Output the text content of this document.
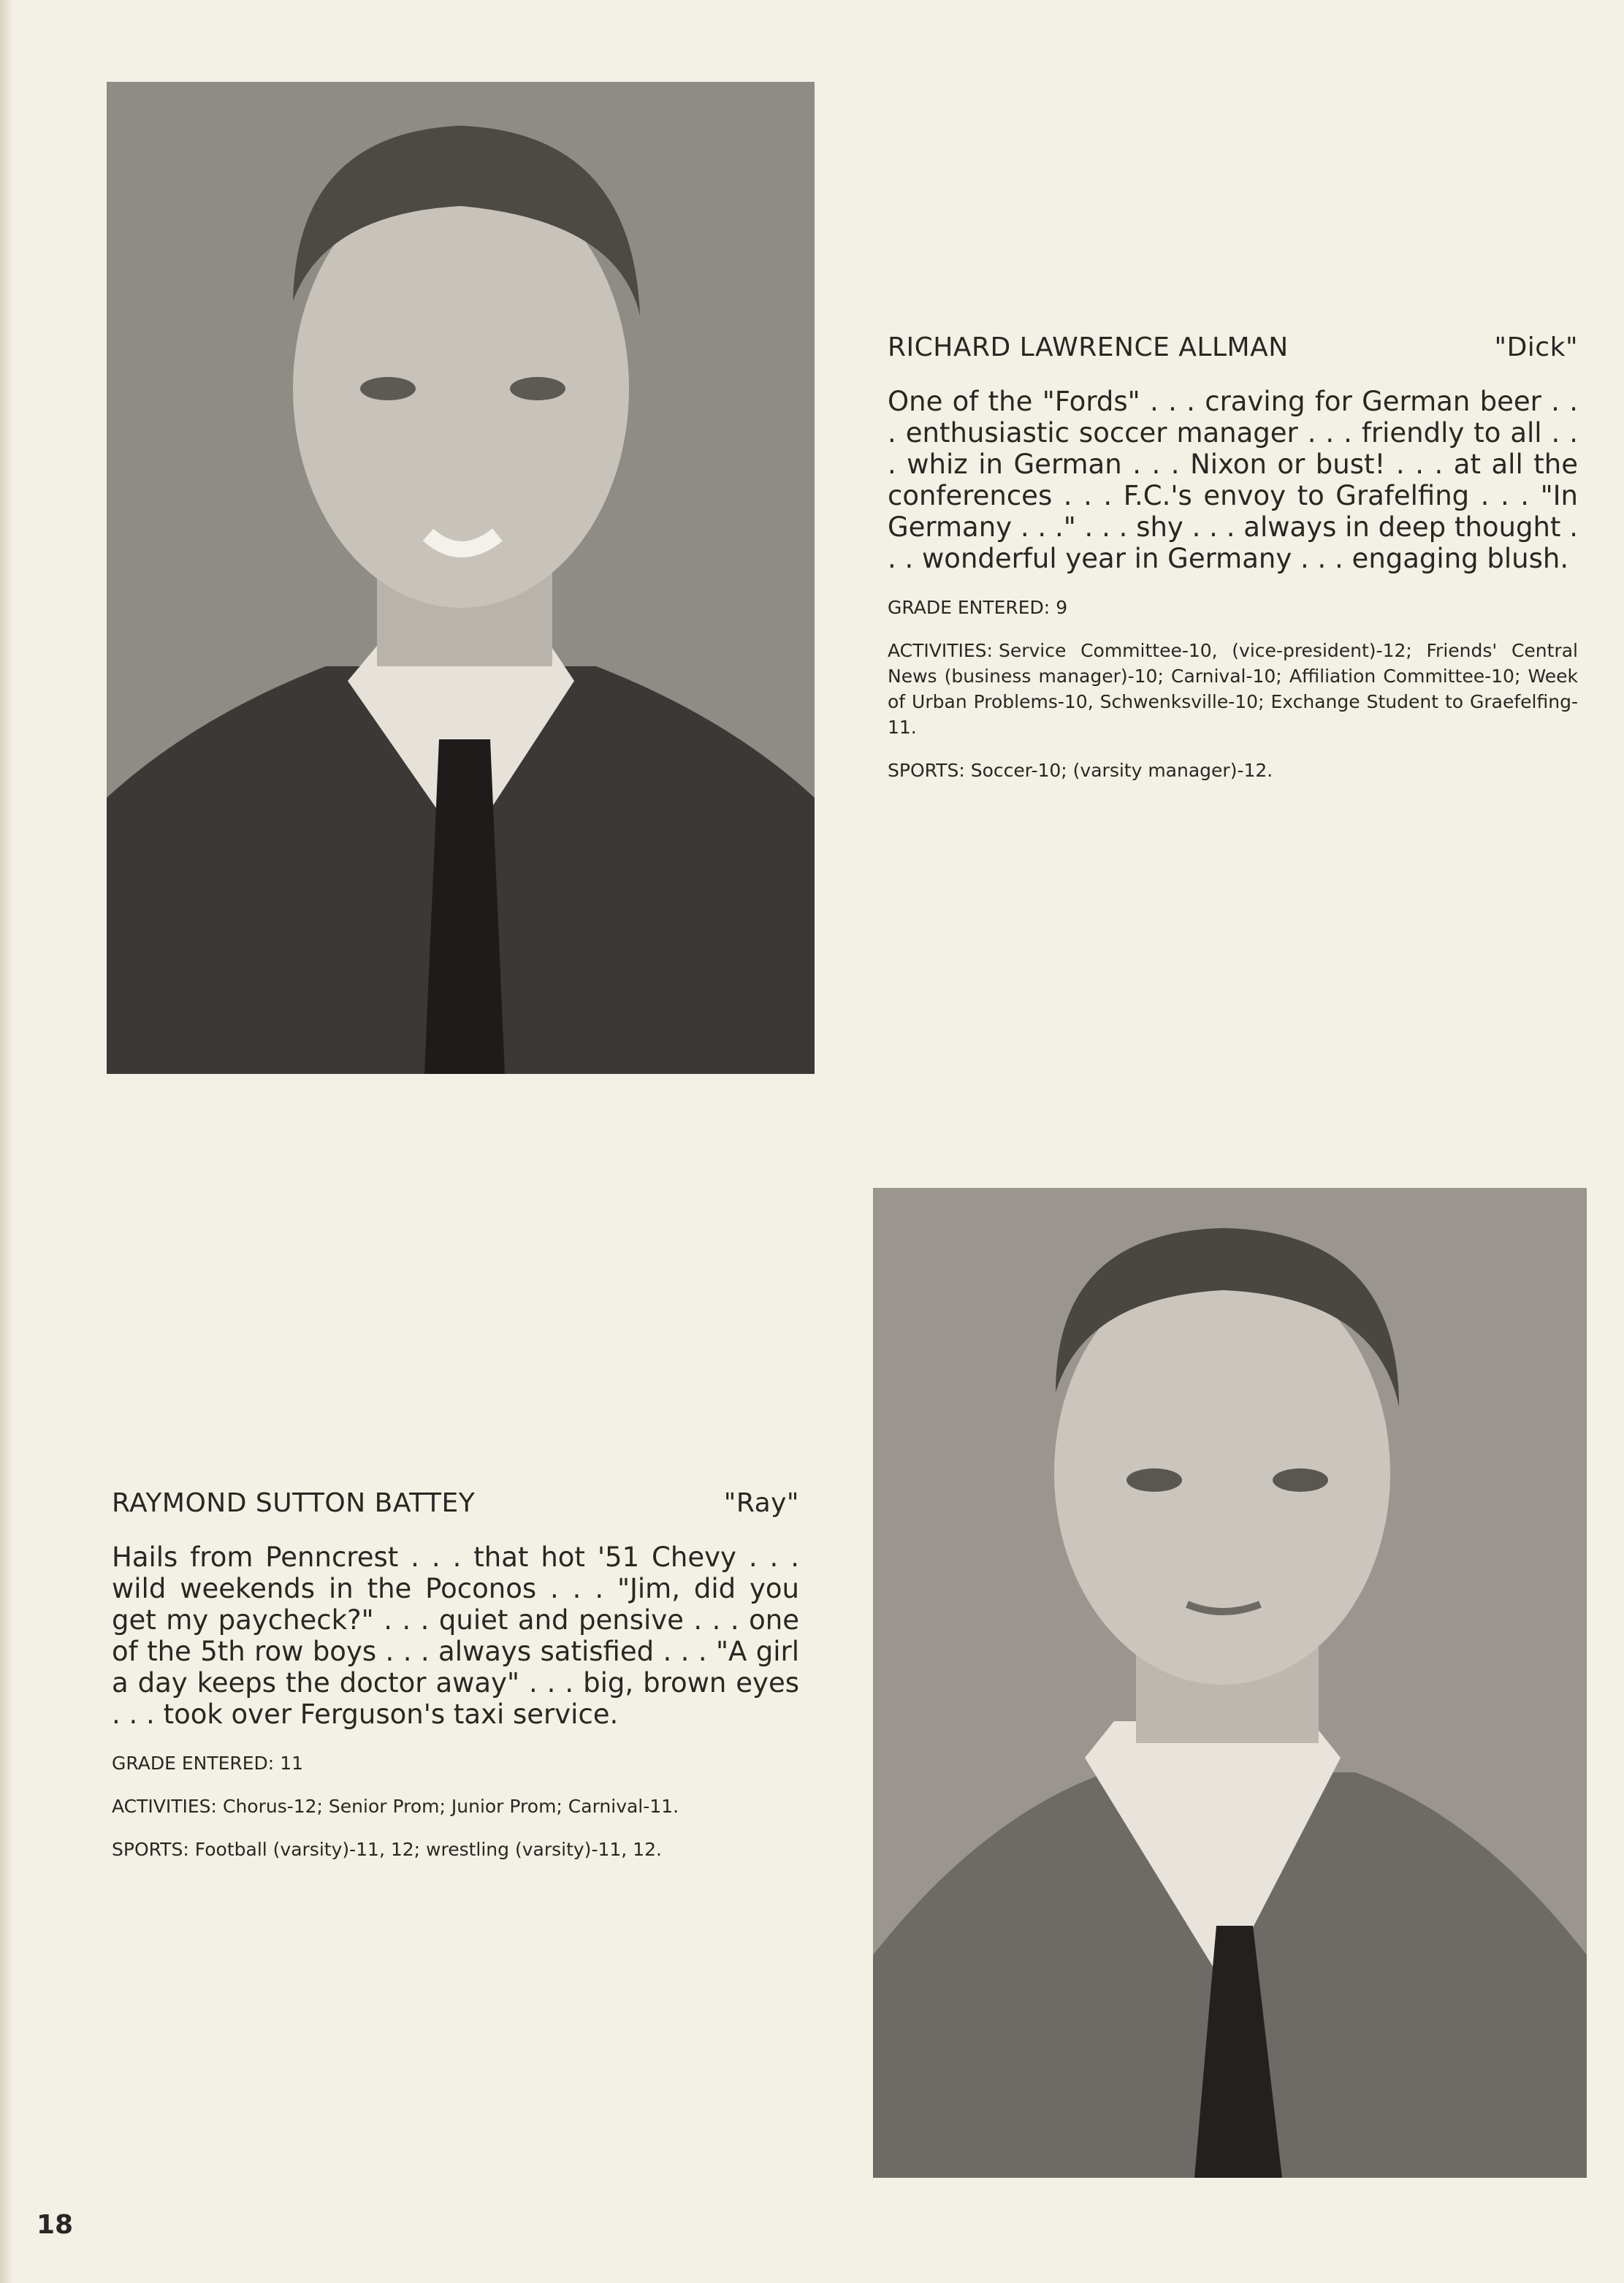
RICHARD LAWRENCE ALLMAN	"Dick"

One of the "Fords" . . . craving for German beer . . . enthusiastic soccer manager . . . friendly to all . . . whiz in German . . . Nixon or bust! . . . at all the conferences . . . F.C.'s envoy to Grafelfing . . . "In Germany . . ." . . . shy . . . always in deep thought . . . wonderful year in Germany . . . engaging blush.

GRADE ENTERED: 9

ACTIVITIES: Service Committee-10, (vice-president)-12; Friends' Central News (business manager)-10; Carnival-10; Affiliation Committee-10; Week of Urban Problems-10, Schwenksville-10; Exchange Student to Graefelfing-11.

SPORTS: Soccer-10; (varsity manager)-12.

RAYMOND SUTTON BATTEY	"Ray"

Hails from Penncrest . . . that hot '51 Chevy . . . wild weekends in the Poconos . . . "Jim, did you get my paycheck?" . . . quiet and pensive . . . one of the 5th row boys . . . always satisfied . . . "A girl a day keeps the doctor away" . . . big, brown eyes . . . took over Ferguson's taxi service.

GRADE ENTERED: 11

ACTIVITIES: Chorus-12; Senior Prom; Junior Prom; Carnival-11.

SPORTS: Football (varsity)-11, 12; wrestling (varsity)-11, 12.

18
